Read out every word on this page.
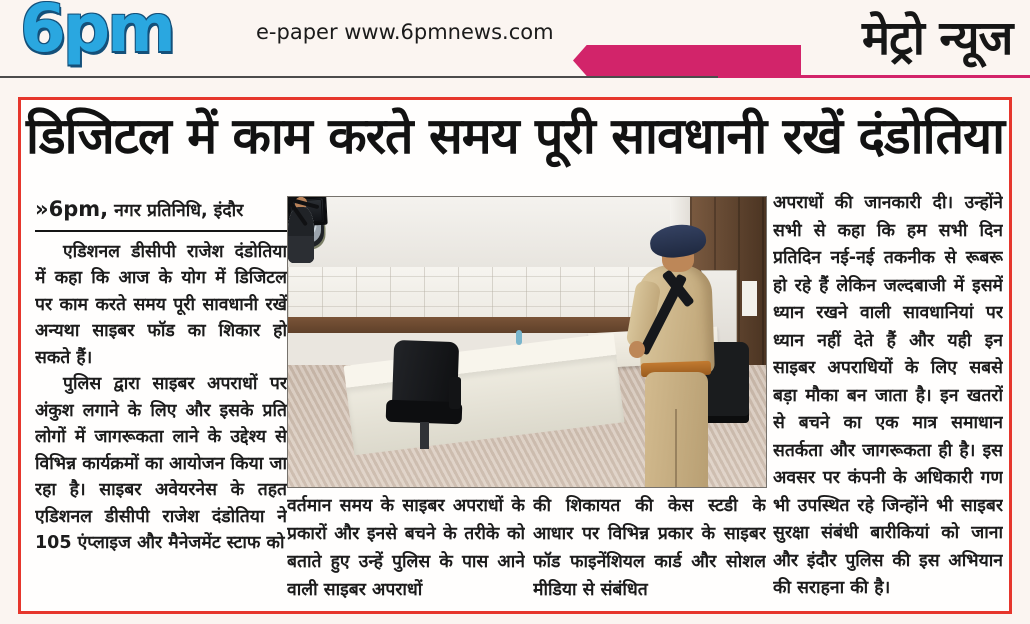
6pm	e-paper www.6pmnews.com	मेट्रो न्यूज
डिजिटल में काम करते समय पूरी सावधानी रखें दंडोतिया
»6pm, नगर प्रतिनिधि, इंदौर

एडिशनल डीसीपी राजेश दंडोतिया में कहा कि आज के योग में डिजिटल पर काम करते समय पूरी सावधानी रखें अन्यथा साइबर फॉड का शिकार हो सकते हैं।

पुलिस द्वारा साइबर अपराधों पर अंकुश लगाने के लिए और इसके प्रति लोगों में जागरूकता लाने के उद्देश्य से विभिन्न कार्यक्रमों का आयोजन किया जा रहा है। साइबर अवेयरनेस के तहत एडिशनल डीसीपी राजेश दंडोतिया ने 105 एंप्लाइज और मैनेजमेंट स्टाफ को

वर्तमान समय के साइबर अपराधों के प्रकारों और इनसे बचने के तरीके को बताते हुए उन्हें पुलिस के पास आने वाली साइबर अपराधों

की शिकायत की केस स्टडी के आधार पर विभिन्न प्रकार के साइबर फॉड फाइनेंशियल कार्ड और सोशल मीडिया से संबंधित

अपराधों की जानकारी दी। उन्होंने सभी से कहा कि हम सभी दिन प्रतिदिन नई-नई तकनीक से रूबरू हो रहे हैं लेकिन जल्दबाजी में इसमें ध्यान रखने वाली सावधानियां पर ध्यान नहीं देते हैं और यही इन साइबर अपराधियों के लिए सबसे बड़ा मौका बन जाता है। इन खतरों से बचने का एक मात्र समाधान सतर्कता और जागरूकता ही है। इस अवसर पर कंपनी के अधिकारी गण भी उपस्थित रहे जिन्होंने भी साइबर सुरक्षा संबंधी बारीकियां को जाना और इंदौर पुलिस की इस अभियान की सराहना की है।
